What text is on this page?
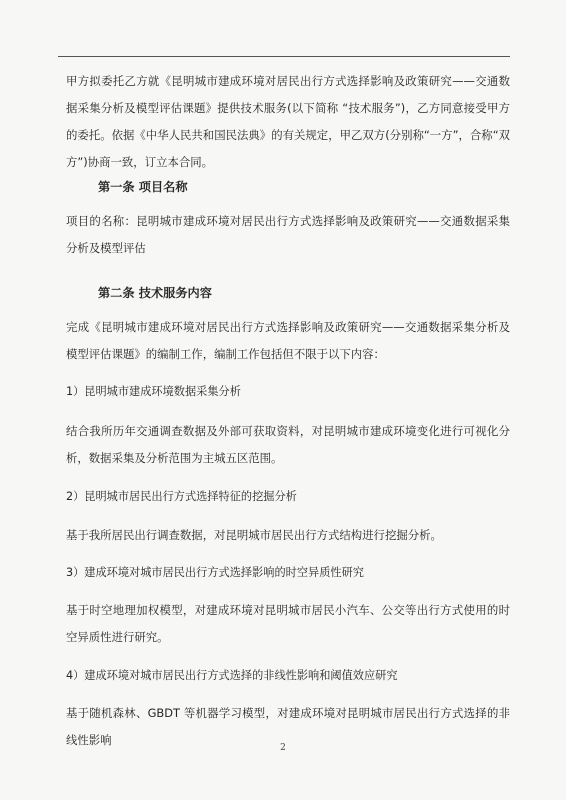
甲方拟委托乙方就《昆明城市建成环境对居民出行方式选择影响及政策研究——交通数据采集分析及模型评估课题》提供技术服务(以下简称 “技术服务”)，乙方同意接受甲方的委托。依据《中华人民共和国民法典》的有关规定，甲乙双方(分别称“一方”，合称“双方”)协商一致，订立本合同。

第一条 项目名称

项目的名称：昆明城市建成环境对居民出行方式选择影响及政策研究——交通数据采集分析及模型评估

第二条 技术服务内容

完成《昆明城市建成环境对居民出行方式选择影响及政策研究——交通数据采集分析及模型评估课题》的编制工作，编制工作包括但不限于以下内容：

1）昆明城市建成环境数据采集分析

结合我所历年交通调查数据及外部可获取资料，对昆明城市建成环境变化进行可视化分析，数据采集及分析范围为主城五区范围。

2）昆明城市居民出行方式选择特征的挖掘分析

基于我所居民出行调查数据，对昆明城市居民出行方式结构进行挖掘分析。

3）建成环境对城市居民出行方式选择影响的时空异质性研究

基于时空地理加权模型，对建成环境对昆明城市居民小汽车、公交等出行方式使用的时空异质性进行研究。

4）建成环境对城市居民出行方式选择的非线性影响和阈值效应研究

基于随机森林、GBDT 等机器学习模型，对建成环境对昆明城市居民出行方式选择的非线性影响

2
